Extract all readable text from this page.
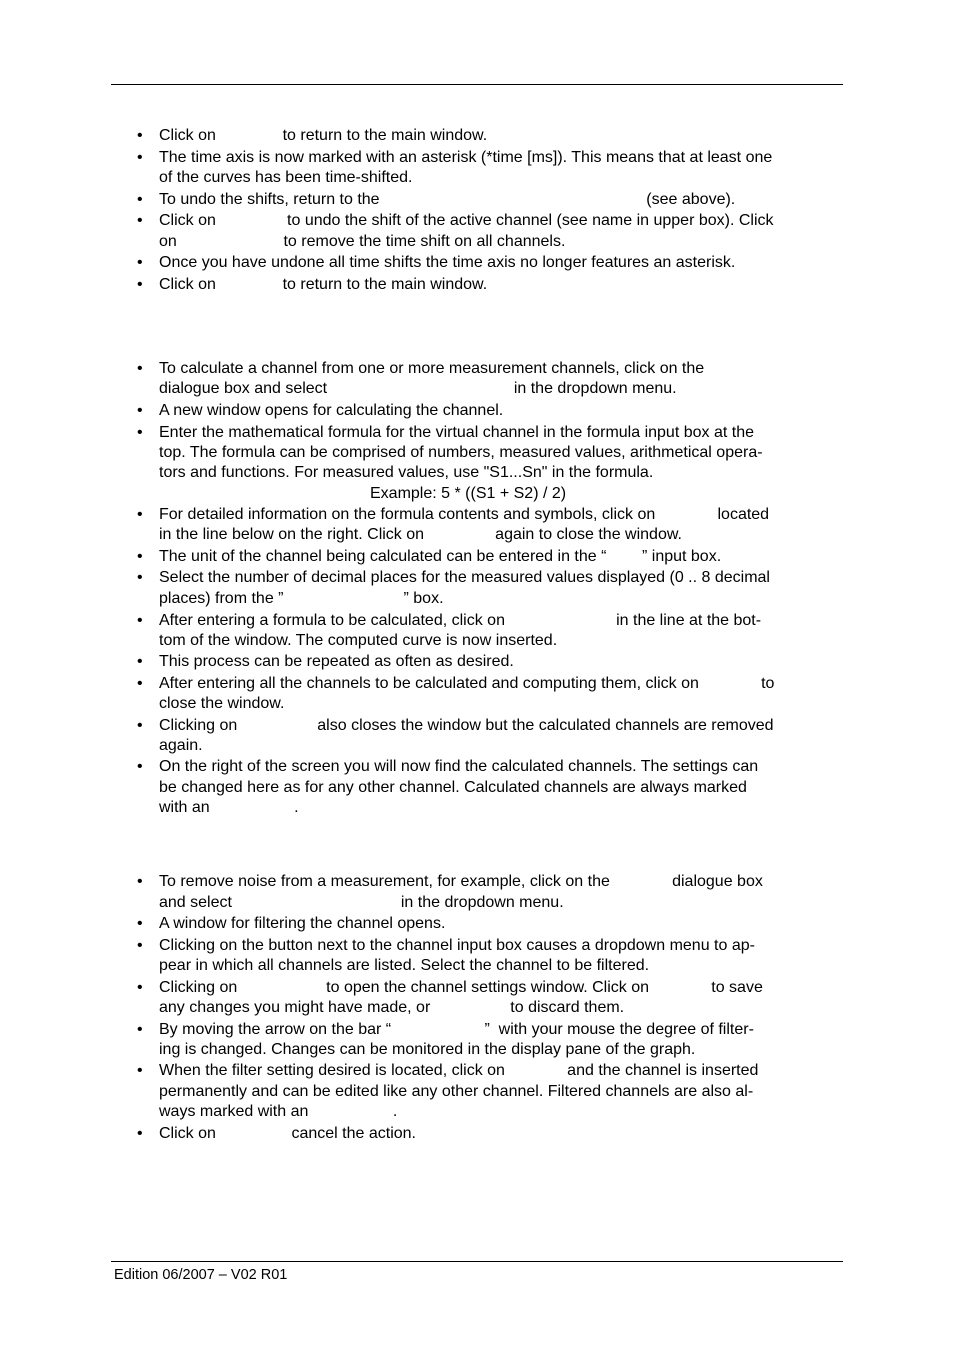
• Click on               to return to the main window.
• The time axis is now marked with an asterisk (*time [ms]). This means that at least one
of the curves has been time-shifted.
• To undo the shifts, return to the                                                            (see above).
• Click on                to undo the shift of the active channel (see name in upper box). Click
on                        to remove the time shift on all channels.
• Once you have undone all time shifts the time axis no longer features an asterisk.
• Click on               to return to the main window.
• To calculate a channel from one or more measurement channels, click on the
dialogue box and select                                          in the dropdown menu.
• A new window opens for calculating the channel.
• Enter the mathematical formula for the virtual channel in the formula input box at the
top. The formula can be comprised of numbers, measured values, arithmetical opera-
tors and functions. For measured values, use "S1...Sn" in the formula.
Example: 5 * ((S1 + S2) / 2)
• For detailed information on the formula contents and symbols, click on              located
in the line below on the right. Click on                again to close the window.
• The unit of the channel being calculated can be entered in the “        ” input box.
• Select the number of decimal places for the measured values displayed (0 .. 8 decimal
places) from the ”                           ” box.
• After entering a formula to be calculated, click on                         in the line at the bot-
tom of the window. The computed curve is now inserted.
• This process can be repeated as often as desired.
• After entering all the channels to be calculated and computing them, click on              to
close the window.
• Clicking on                  also closes the window but the calculated channels are removed
again.
• On the right of the screen you will now find the calculated channels. The settings can
be changed here as for any other channel. Calculated channels are always marked
with an                   .
• To remove noise from a measurement, for example, click on the              dialogue box
and select                                      in the dropdown menu.
• A window for filtering the channel opens.
• Clicking on the button next to the channel input box causes a dropdown menu to ap-
pear in which all channels are listed. Select the channel to be filtered.
• Clicking on                    to open the channel settings window. Click on              to save
any changes you might have made, or                  to discard them.
• By moving the arrow on the bar “                     ”  with your mouse the degree of filter-
ing is changed. Changes can be monitored in the display pane of the graph.
• When the filter setting desired is located, click on              and the channel is inserted
permanently and can be edited like any other channel. Filtered channels are also al-
ways marked with an                   .
• Click on                 cancel the action.
Edition 06/2007 – V02 R01
